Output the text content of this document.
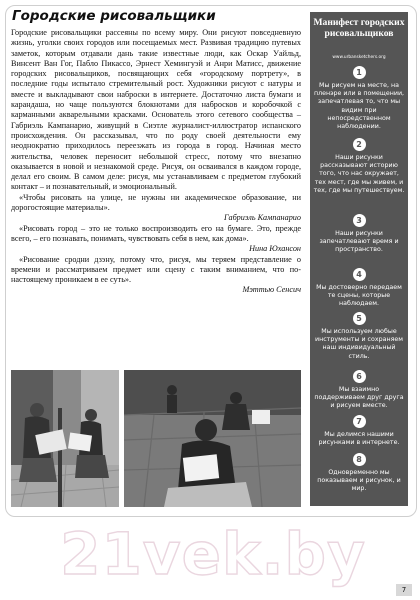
Городские рисовальщики

Городские рисовальщики рассеяны по всему миру. Они рисуют повседневную жизнь, уголки своих городов или посещаемых мест. Развивая традицию путевых заметок, которым отдавали дань такие известные люди, как Оскар Уайльд, Винсент Ван Гог, Пабло Пикассо, Эрнест Хемингуэй и Анри Матисс, движение городских рисовальщиков, посвящающих себя «городскому портрету», в последние годы испытало стремительный рост. Художники рисуют с натуры и вместе и выкладывают свои наброски в интернете. Достаточно листа бумаги и карандаша, но чаще пользуются блокнотами для набросков и коробочкой с карманными акварельными красками. Основатель этого сетевого сообщества – Габриэль Кампанарио, живущий в Сиэтле журналист-иллюстратор испанского происхождения. Он рассказывал, что по роду своей деятельности ему неоднократно приходилось переезжать из города в город. Начиная место жительства, человек переносит небольшой стресс, потому что внезапно оказывается в новой и незнакомой среде. Рисуя, он осваивался в каждом городе, делал его своим. В самом деле: рисуя, мы устанавливаем с предметом глубокий контакт – и познавательный, и эмоциональный.

«Чтобы рисовать на улице, не нужны ни академическое образование, ни дорогостоящие материалы».

Габриэль Кампанарио

«Рисовать город – это не только воспроизводить его на бумаге. Это, прежде всего, – его познавать, понимать, чувствовать себя в нем, как дома».

Нина Юхансон

«Рисование сродни дзэну, потому что, рисуя, мы теряем представление о времени и рассматриваем предмет или сцену с таким вниманием, что по-настоящему проникаем в ее суть».

Мэттью Сенсич

Манифест городских рисовальщиков
www.urbansketchers.org
1
Мы рисуем на месте, на пленэре или в помещении, запечатлевая то, что мы видим при непосредственном наблюдении.
2
Наши рисунки рассказывают историю того, что нас окружает, тех мест, где мы живем, и тех, где мы путешествуем.
3
Наши рисунки запечатлевают время и пространство.
4
Мы достоверно передаем те сцены, которые наблюдаем.
5
Мы используем любые инструменты и сохраняем наш индивидуальный стиль.
6
Мы взаимно поддерживаем друг друга и рисуем вместе.
7
Мы делимся нашими рисунками в интернете.
8
Одновременно мы показываем и рисунок, и мир.
21vek.by
7
